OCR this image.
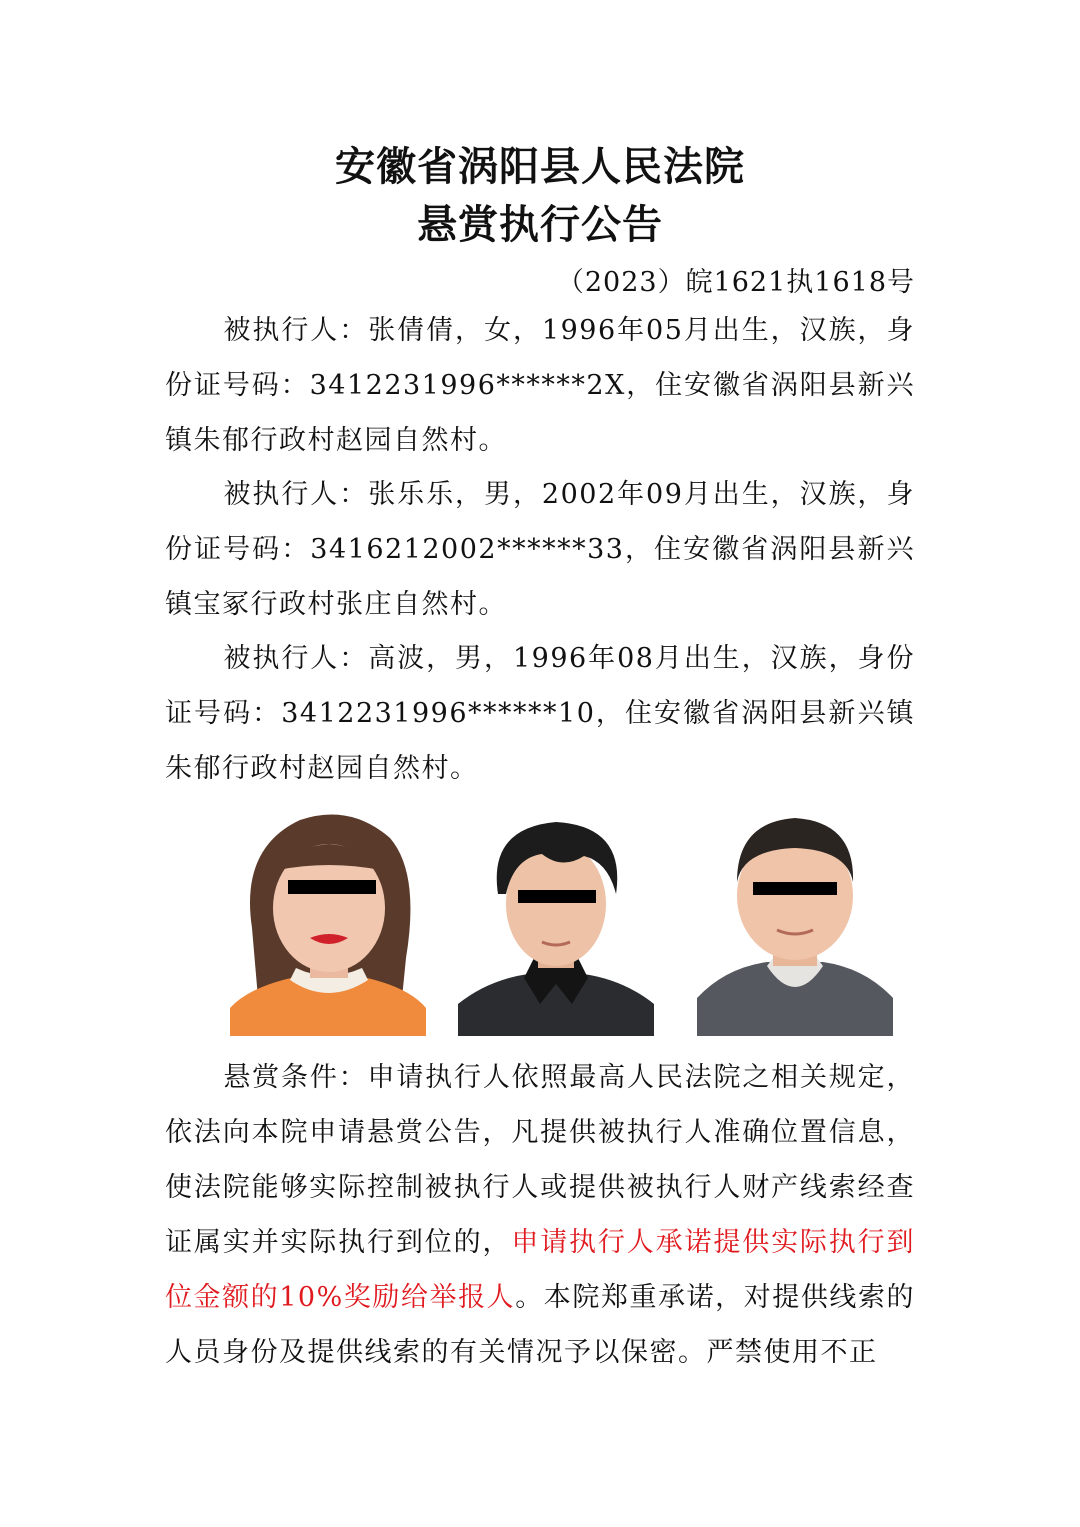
安徽省涡阳县人民法院
悬赏执行公告
（2023）皖1621执1618号

被执行人：张倩倩，女，1996年05月出生，汉族，身份证号码：3412231996******2X，住安徽省涡阳县新兴镇朱郁行政村赵园自然村。

被执行人：张乐乐，男，2002年09月出生，汉族，身份证号码：3416212002******33，住安徽省涡阳县新兴镇宝冢行政村张庄自然村。

被执行人：高波，男，1996年08月出生，汉族，身份证号码：3412231996******10，住安徽省涡阳县新兴镇朱郁行政村赵园自然村。

悬赏条件：申请执行人依照最高人民法院之相关规定，依法向本院申请悬赏公告，凡提供被执行人准确位置信息，使法院能够实际控制被执行人或提供被执行人财产线索经查证属实并实际执行到位的，申请执行人承诺提供实际执行到位金额的10%奖励给举报人。本院郑重承诺，对提供线索的人员身份及提供线索的有关情况予以保密。严禁使用不正
